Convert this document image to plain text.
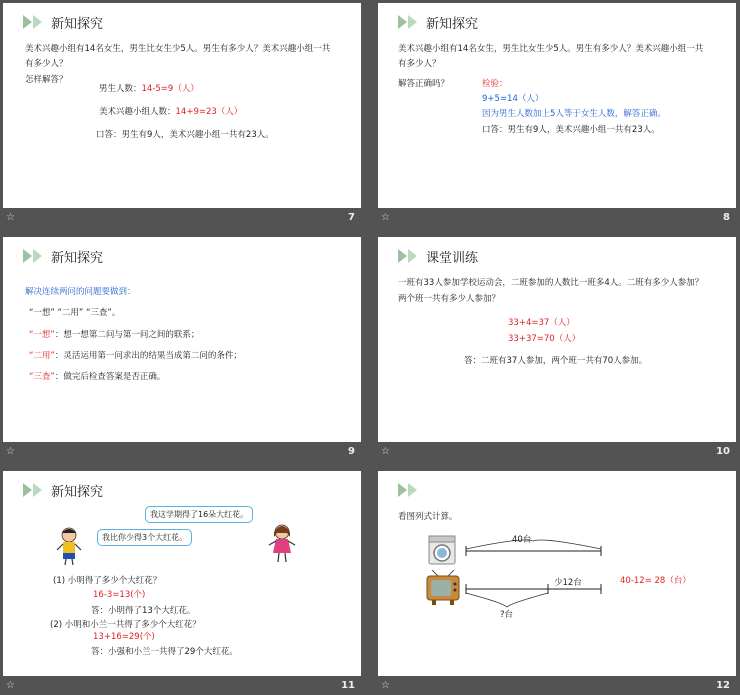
新知探究
美术兴趣小组有14名女生，男生比女生少5人。男生有多少人？美术兴趣小组一共
有多少人？
怎样解答？
男生人数：14-5=9（人）
美术兴趣小组人数：14+9=23（人）
口答：男生有9人，美术兴趣小组一共有23人。
☆	7
新知探究
美术兴趣小组有14名女生，男生比女生少5人。男生有多少人？美术兴趣小组一共
有多少人？
解答正确吗？	检验：
9+5=14（人）
因为男生人数加上5人等于女生人数，解答正确。
口答：男生有9人，美术兴趣小组一共有23人。
☆	8
新知探究
解决连续两问的问题要做到：
“一想” “二用” “三查”。
“一想”：想一想第二问与第一问之间的联系；
“二用”：灵活运用第一问求出的结果当成第二问的条件；
“三查”：做完后检查答案是否正确。
☆	9
课堂训练
一班有33人参加学校运动会，二班参加的人数比一班多4人。二班有多少人参加？
两个班一共有多少人参加？
33+4=37（人）
33+37=70（人）
答：二班有37人参加，两个班一共有70人参加。
☆	10
新知探究
我这学期得了16朵大红花。
我比你少得3个大红花。
(1) 小明得了多少个大红花？
16-3=13(个)
答：小明得了13个大红花。
(2) 小明和小兰一共得了多少个大红花？
13+16=29(个)
答：小强和小兰一共得了29个大红花。
☆	11
看图列式计算。
40台
少12台
?台
40-12= 28（台）
☆	12
